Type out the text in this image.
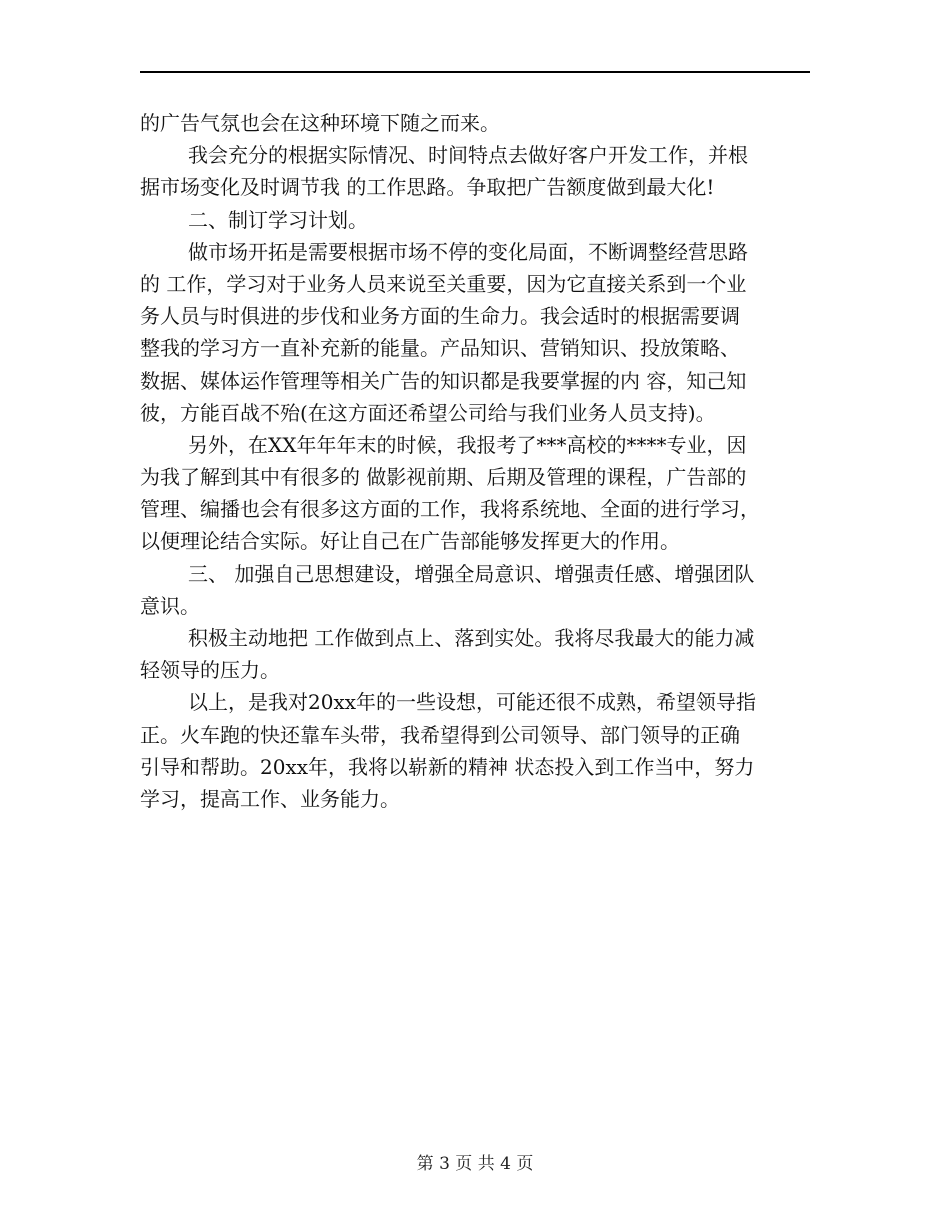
的广告气氛也会在这种环境下随之而来。
我会充分的根据实际情况、时间特点去做好客户开发工作，并根
据市场变化及时调节我 的工作思路。争取把广告额度做到最大化!
二、制订学习计划。
做市场开拓是需要根据市场不停的变化局面，不断调整经营思路
的 工作，学习对于业务人员来说至关重要，因为它直接关系到一个业
务人员与时俱进的步伐和业务方面的生命力。我会适时的根据需要调
整我的学习方一直补充新的能量。产品知识、营销知识、投放策略、
数据、媒体运作管理等相关广告的知识都是我要掌握的内 容，知己知
彼，方能百战不殆(在这方面还希望公司给与我们业务人员支持)。
另外，在XX年年年末的时候，我报考了***高校的****专业，因
为我了解到其中有很多的 做影视前期、后期及管理的课程，广告部的
管理、编播也会有很多这方面的工作，我将系统地、全面的进行学习，
以便理论结合实际。好让自己在广告部能够发挥更大的作用。
三、 加强自己思想建设，增强全局意识、增强责任感、增强团队
意识。
积极主动地把 工作做到点上、落到实处。我将尽我最大的能力减
轻领导的压力。
以上，是我对20xx年的一些设想，可能还很不成熟，希望领导指
正。火车跑的快还靠车头带，我希望得到公司领导、部门领导的正确
引导和帮助。20xx年，我将以崭新的精神 状态投入到工作当中，努力
学习，提高工作、业务能力。
第 3 页 共 4 页
